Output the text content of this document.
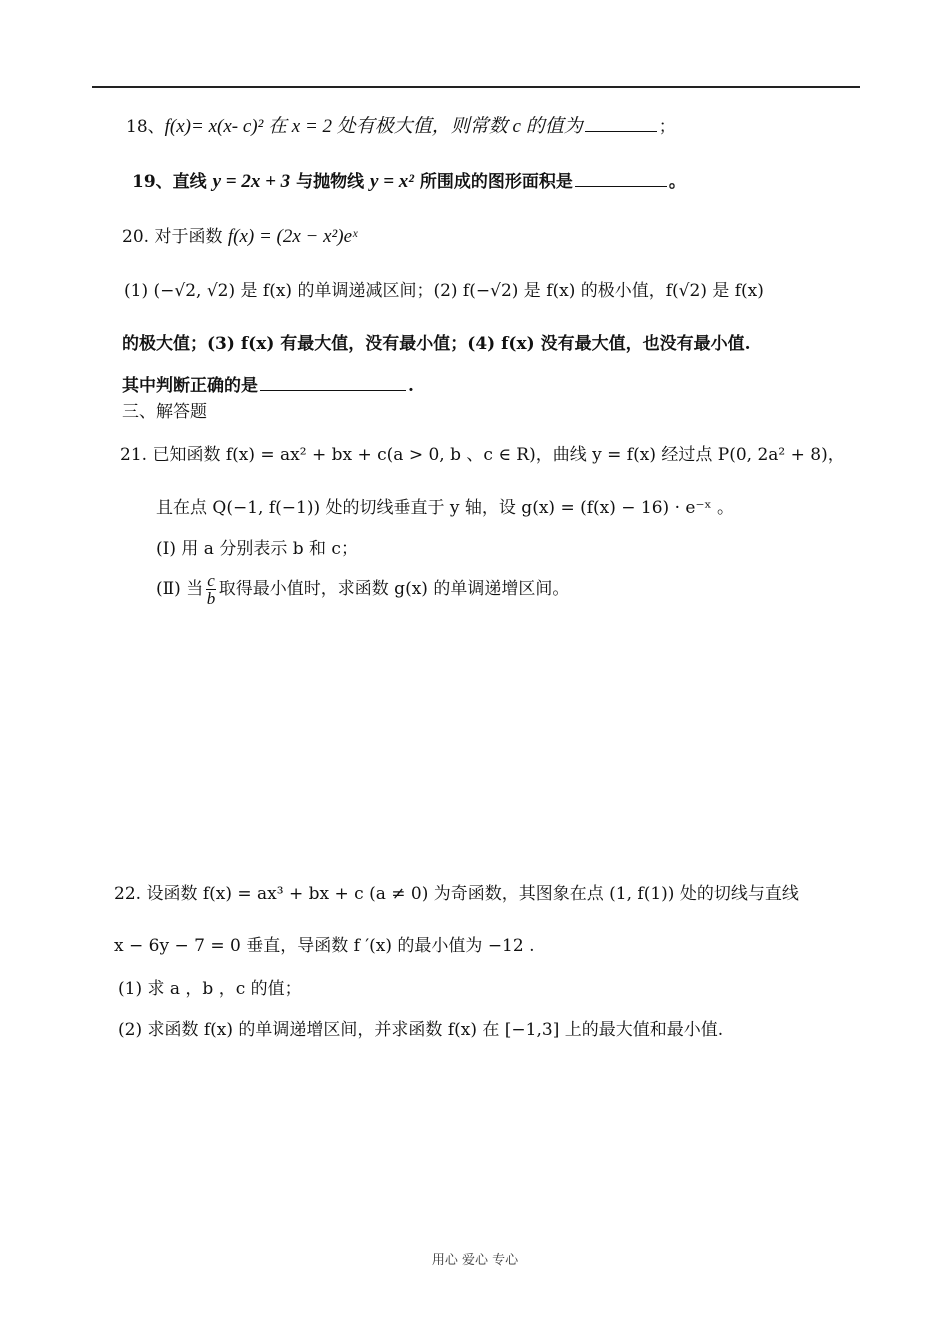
18、f(x)= x(x- c)² 在 x = 2 处有极大值，则常数 c 的值为	；
19、直线 y = 2x + 3 与抛物线 y = x² 所围成的图形面积是	。
20. 对于函数 f(x) = (2x − x²)eˣ
(1) (−√2, √2) 是 f(x) 的单调递减区间；(2) f(−√2) 是 f(x) 的极小值，f(√2) 是 f(x)
的极大值；(3) f(x) 有最大值，没有最小值；(4) f(x) 没有最大值，也没有最小值.
其中判断正确的是	.
三、解答题
21. 已知函数 f(x) = ax² + bx + c(a > 0, b 、c ∈ R)，曲线 y = f(x) 经过点 P(0, 2a² + 8)，
且在点 Q(−1, f(−1)) 处的切线垂直于 y 轴，设 g(x) = (f(x) − 16) · e⁻ˣ 。
(Ⅰ) 用 a 分别表示 b 和 c；
(Ⅱ) 当 $\frac{c}{b}$ 取得最小值时，求函数 g(x) 的单调递增区间。
22. 设函数 f(x) = ax³ + bx + c (a ≠ 0) 为奇函数，其图象在点 (1, f(1)) 处的切线与直线
x − 6y − 7 = 0 垂直，导函数 f ′(x) 的最小值为 −12 .
(1) 求 a ，b ，c 的值；
(2) 求函数 f(x) 的单调递增区间，并求函数 f(x) 在 [−1,3] 上的最大值和最小值.
用心 爱心 专心
